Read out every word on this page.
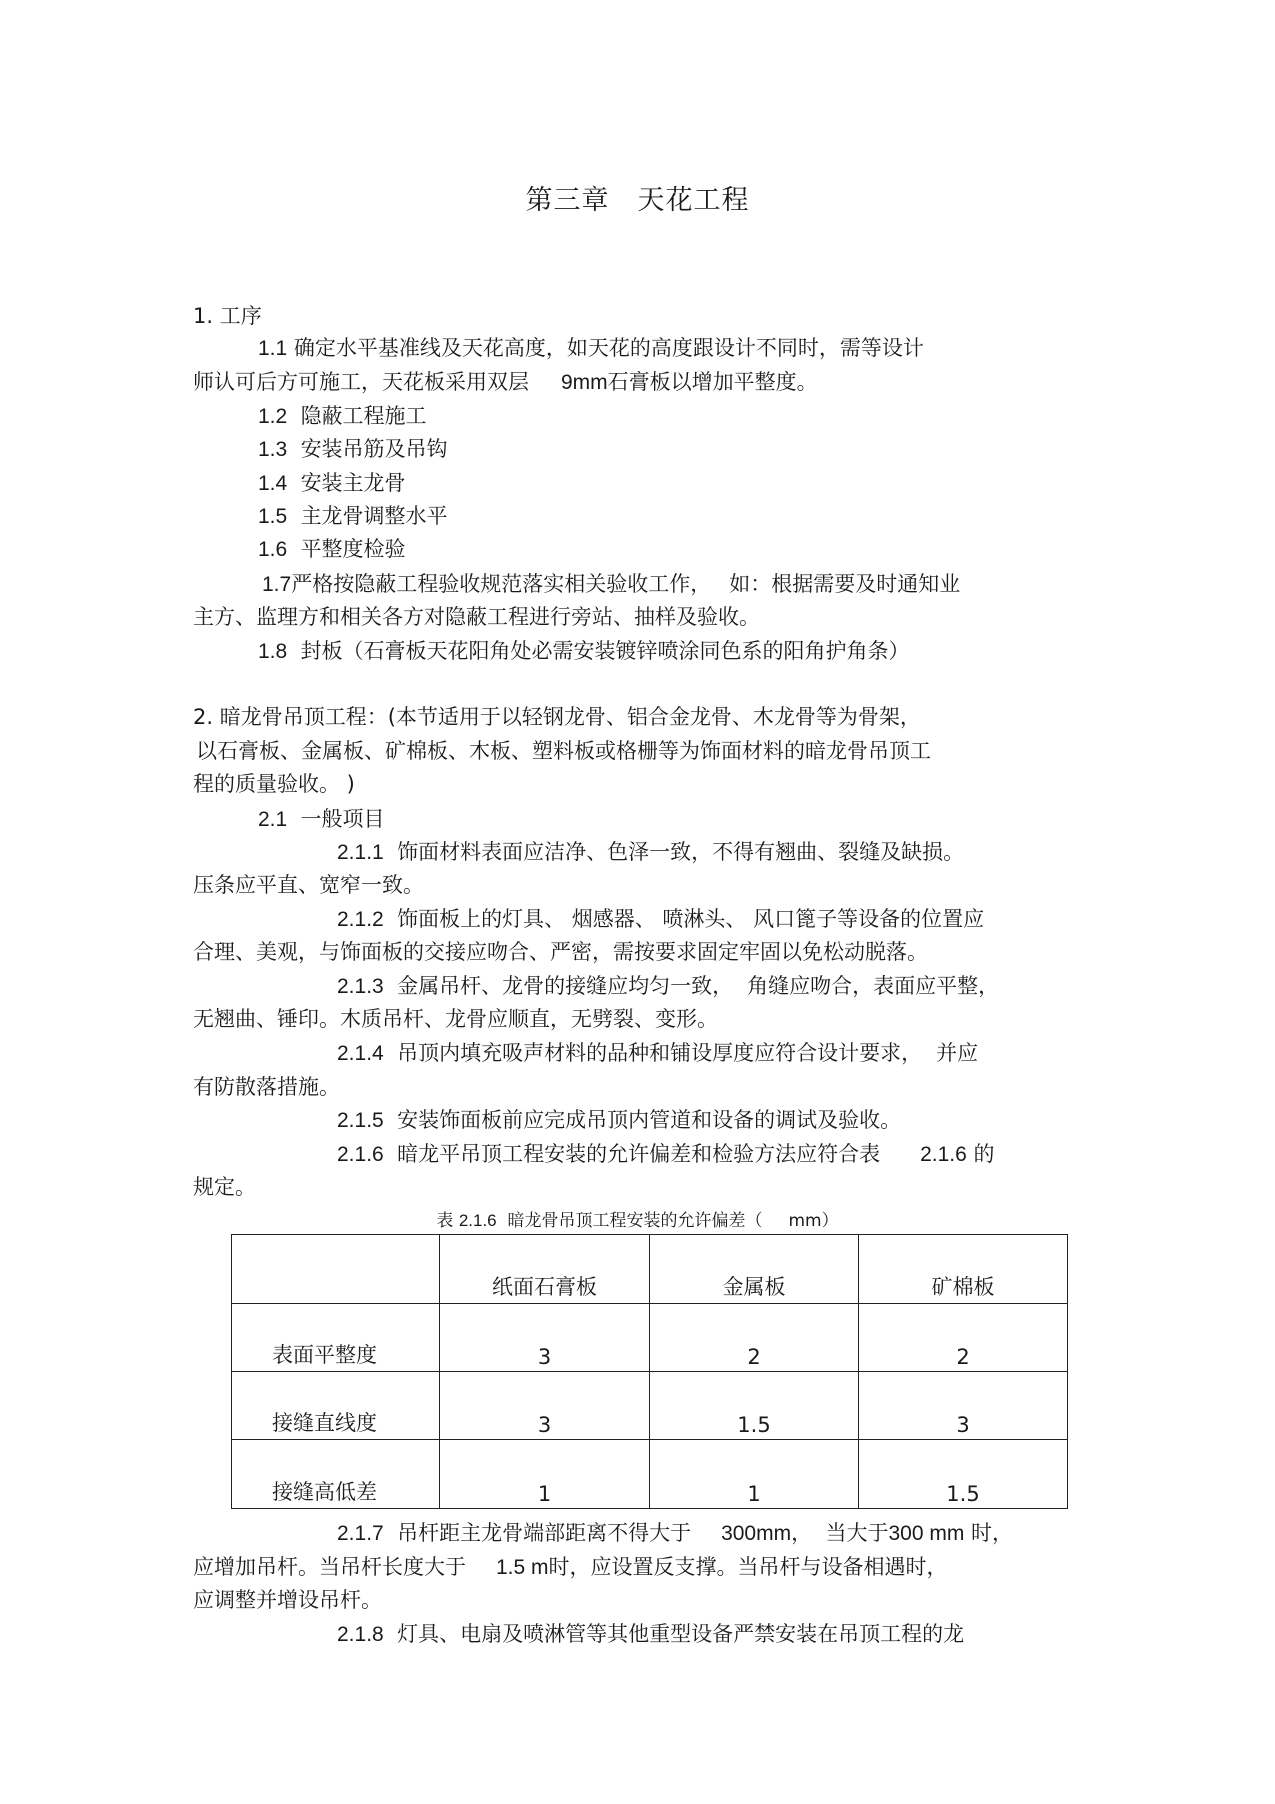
第三章　天花工程
1. 工序
1.1 确定水平基准线及天花高度，如天花的高度跟设计不同时，需等设计
师认可后方可施工，天花板采用双层 9mm石膏板以增加平整度。
1.2 隐蔽工程施工
1.3 安装吊筋及吊钩
1.4 安装主龙骨
1.5 主龙骨调整水平
1.6 平整度检验
1.7严格按隐蔽工程验收规范落实相关验收工作， 如：根据需要及时通知业
主方、监理方和相关各方对隐蔽工程进行旁站、抽样及验收。
1.8 封板（石膏板天花阳角处必需安装镀锌喷涂同色系的阳角护角条）
2. 暗龙骨吊顶工程：(本节适用于以轻钢龙骨、铝合金龙骨、木龙骨等为骨架，
以石膏板、金属板、矿棉板、木板、塑料板或格栅等为饰面材料的暗龙骨吊顶工
程的质量验收。 )
2.1 一般项目
2.1.1 饰面材料表面应洁净、色泽一致，不得有翘曲、裂缝及缺损。
压条应平直、宽窄一致。
2.1.2 饰面板上的灯具、 烟感器、 喷淋头、 风口篦子等设备的位置应
合理、美观，与饰面板的交接应吻合、严密，需按要求固定牢固以免松动脱落。
2.1.3 金属吊杆、龙骨的接缝应均匀一致， 角缝应吻合，表面应平整，
无翘曲、锤印。木质吊杆、龙骨应顺直，无劈裂、变形。
2.1.4 吊顶内填充吸声材料的品种和铺设厚度应符合设计要求， 并应
有防散落措施。
2.1.5 安装饰面板前应完成吊顶内管道和设备的调试及验收。
2.1.6 暗龙平吊顶工程安装的允许偏差和检验方法应符合表 2.1.6 的
规定。
表 2.1.6 暗龙骨吊顶工程安装的允许偏差（ mm）
	纸面石膏板	金属板	矿棉板
表面平整度	3	2	2
接缝直线度	3	1.5	3
接缝高低差	1	1	1.5
2.1.7 吊杆距主龙骨端部距离不得大于 300mm， 当大于300 mm 时，
应增加吊杆。当吊杆长度大于 1.5 m时，应设置反支撑。当吊杆与设备相遇时，
应调整并增设吊杆。
2.1.8 灯具、电扇及喷淋管等其他重型设备严禁安装在吊顶工程的龙
